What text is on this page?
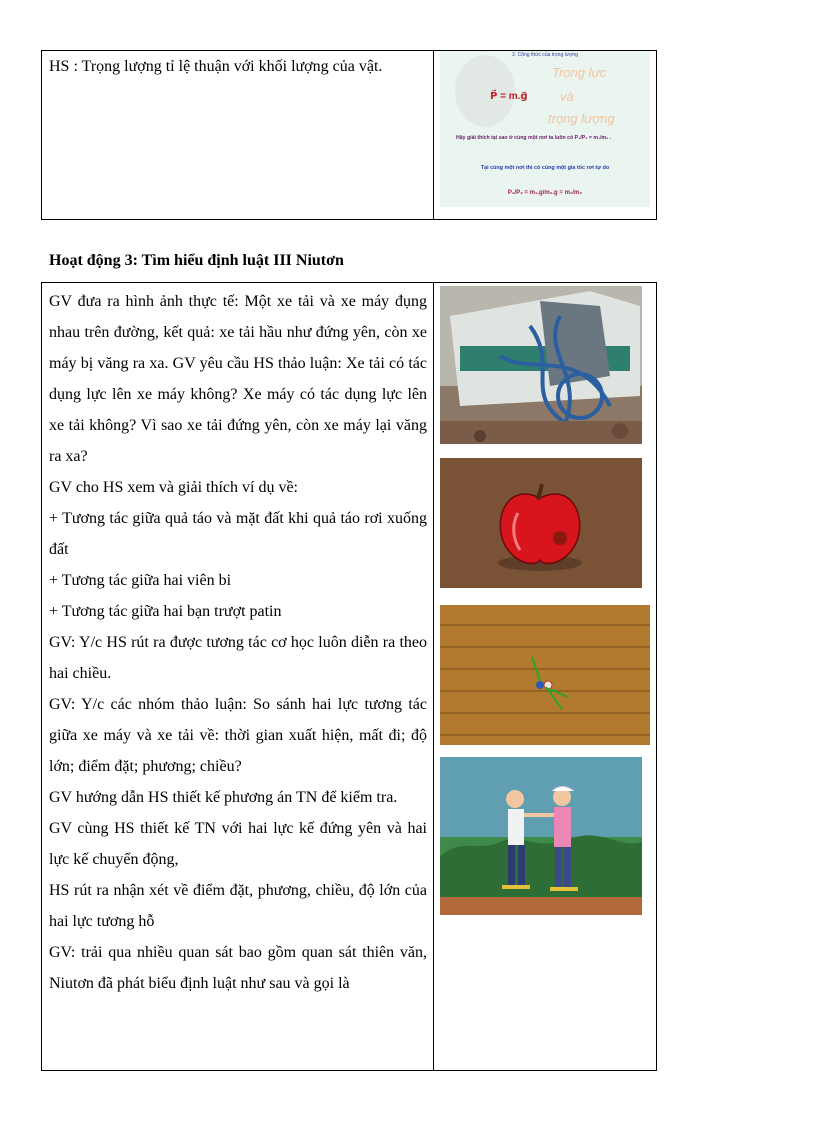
HS : Trọng lượng tỉ lệ thuận với khối lượng của vật.
2. Công thức của trọng lượng
Trọng lực
và
trọng lượng
P⃗ = m.g⃗
Hãy giải thích tại sao ở cùng một nơi ta luôn có P₁/P₂ = m₁/m₂ .
Tại cùng một nơi thì có cùng một gia tốc rơi tự do
P₁/P₂ = m₁.g/m₂.g = m₁/m₂
Hoạt động 3: Tìm hiểu định luật III Niutơn

GV đưa ra hình ảnh thực tế: Một xe tải và xe máy đụng nhau trên đường, kết quả: xe tải hầu như đứng yên, còn xe máy bị văng ra xa. GV yêu cầu HS thảo luận: Xe tải có tác dụng lực lên xe máy không? Xe máy có tác dụng lực lên xe tải không? Vì sao xe tải đứng yên, còn xe máy lại văng ra xa?

GV cho HS xem và giải thích ví dụ về:

+ Tương tác giữa quả táo và mặt đất khi quả táo rơi xuống đất

+ Tương tác giữa hai viên bi

+ Tương tác giữa hai bạn trượt patin

GV: Y/c HS rút ra được tương tác cơ học luôn diễn ra theo hai chiều.

GV: Y/c các nhóm thảo luận: So sánh hai lực tương tác giữa xe máy và xe tải về: thời gian xuất hiện, mất đi; độ lớn; điểm đặt; phương; chiều?

GV hướng dẫn HS thiết kế phương án TN để kiểm tra.

GV cùng HS thiết kế TN với hai lực kế đứng yên và hai lực kế chuyển động,

HS rút ra nhận xét về điểm đặt, phương, chiều, độ lớn của hai lực tương hỗ

GV: trải qua nhiều quan sát bao gồm quan sát thiên văn, Niutơn đã phát biểu định luật như sau và gọi là
